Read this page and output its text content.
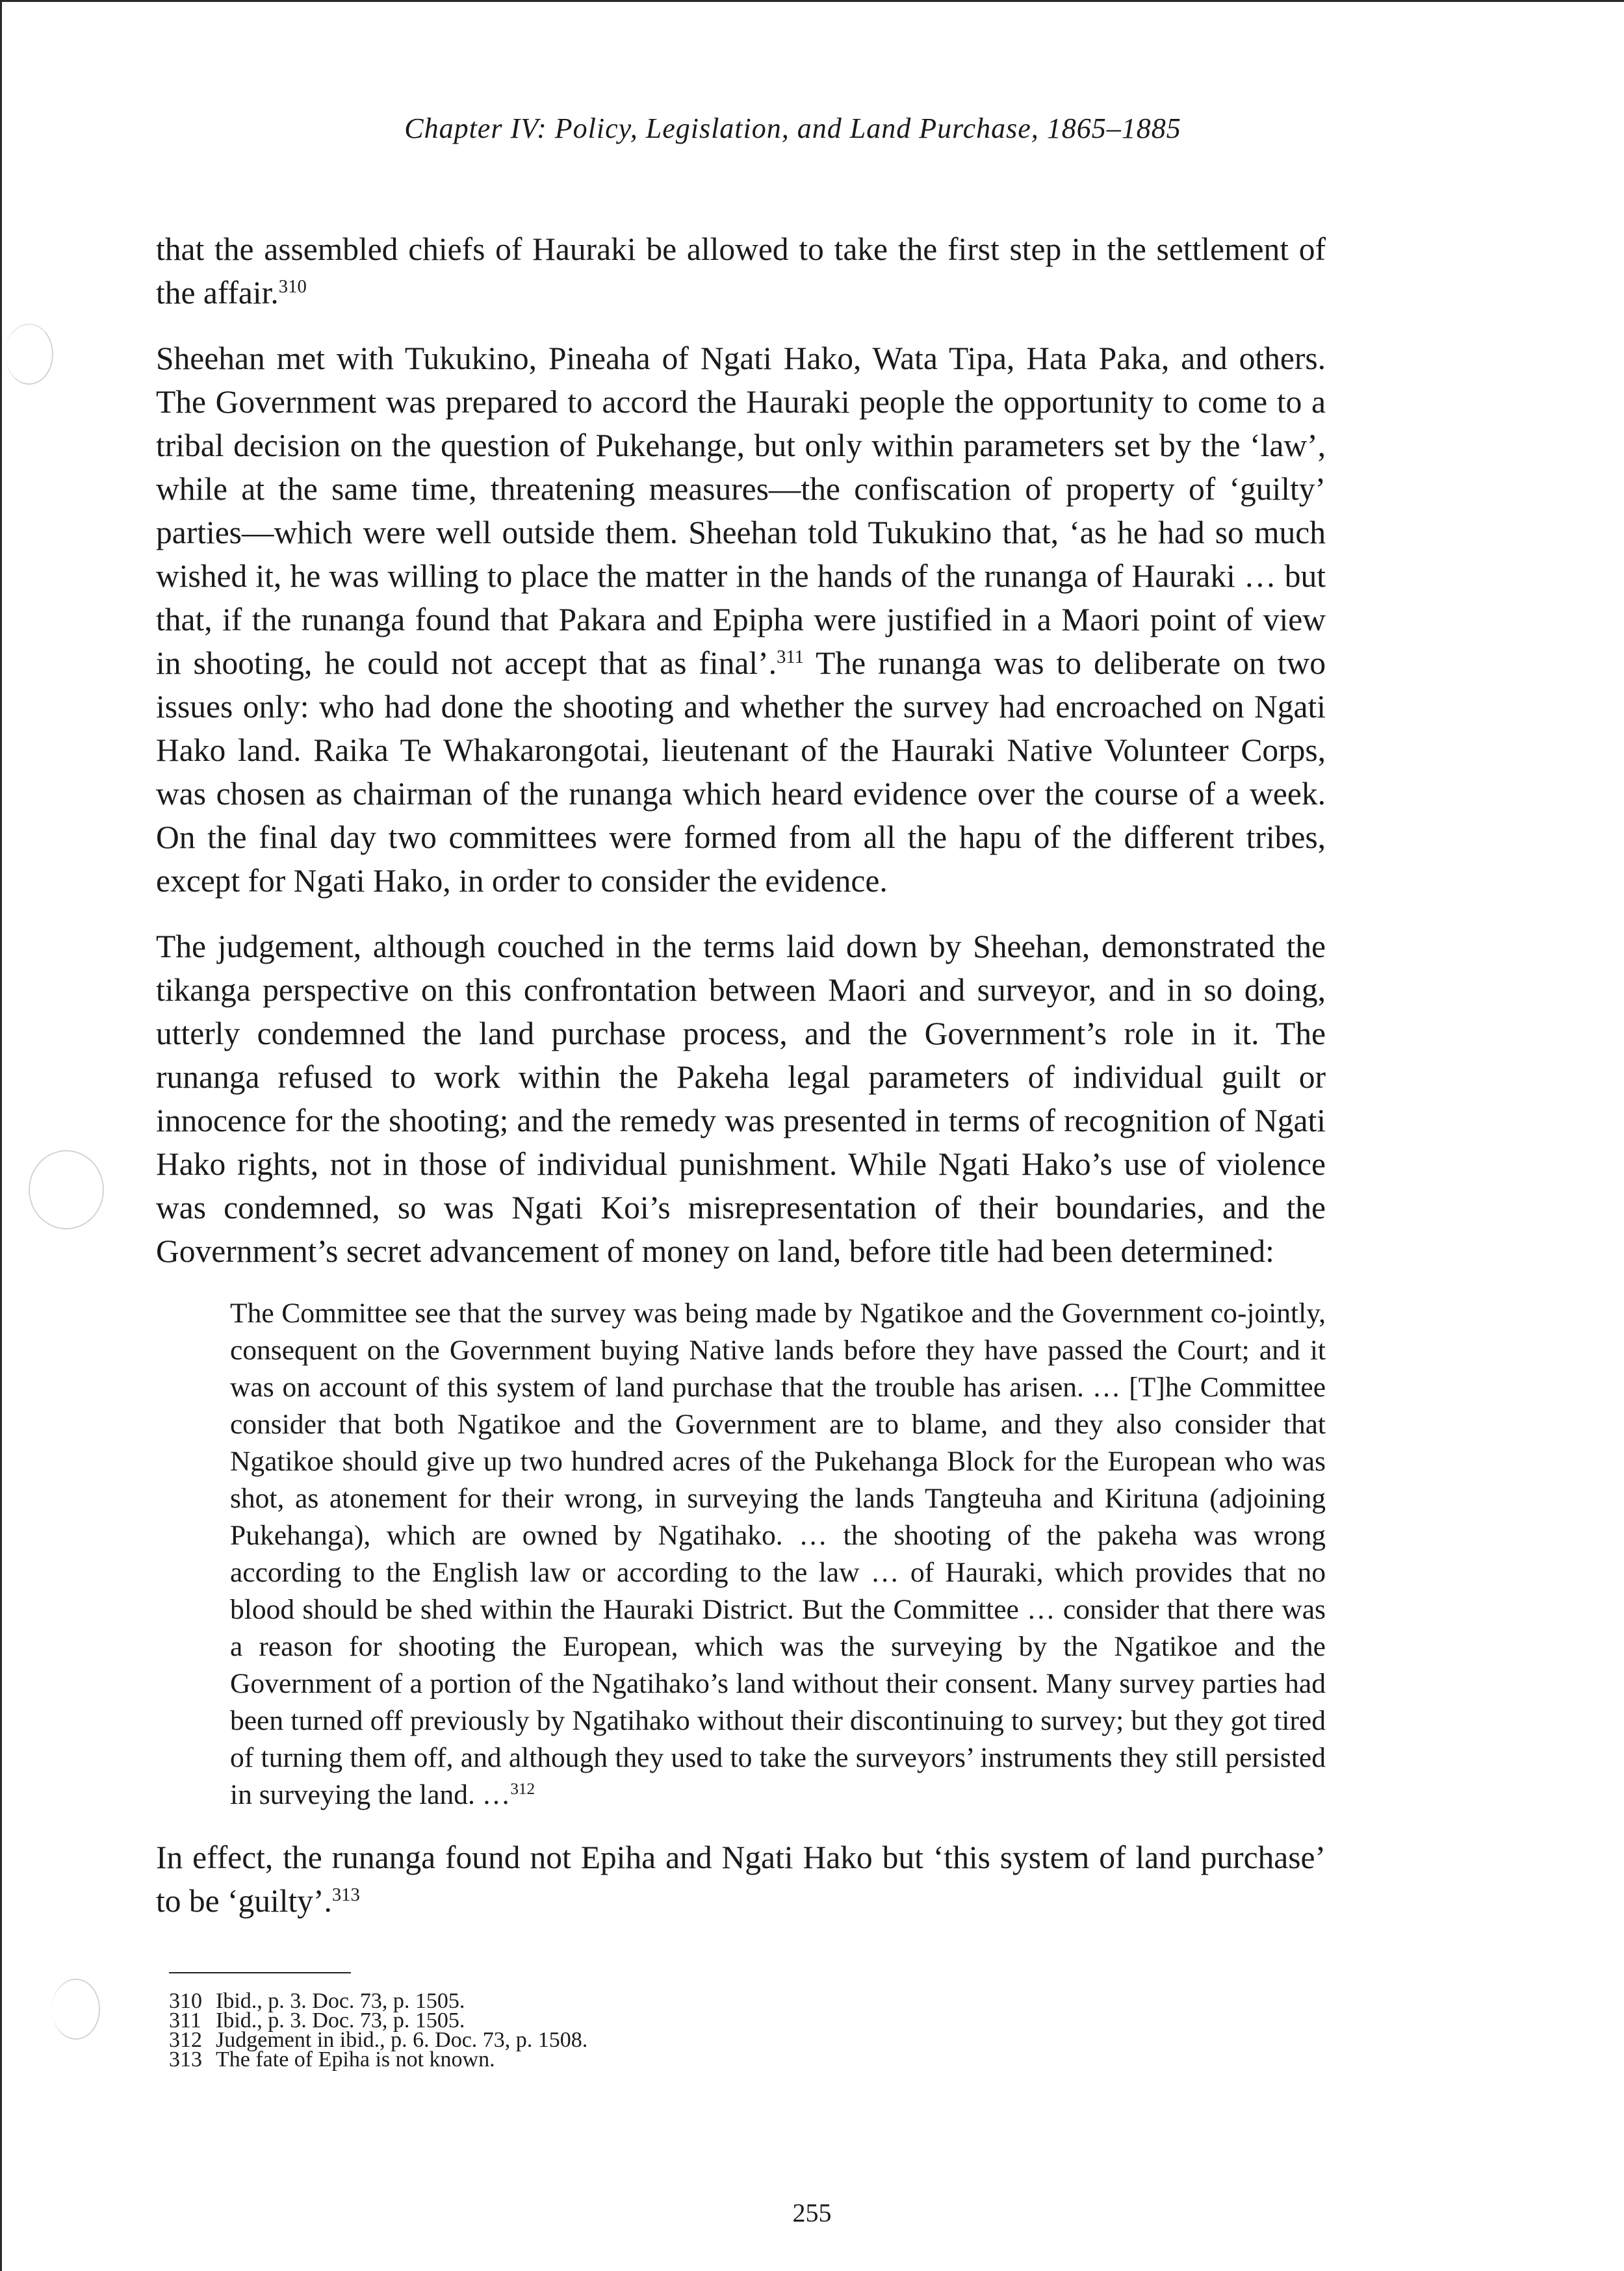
Chapter IV: Policy, Legislation, and Land Purchase, 1865–1885

that the assembled chiefs of Hauraki be allowed to take the first step in the settlement of the affair.$^{310}$

Sheehan met with Tukukino, Pineaha of Ngati Hako, Wata Tipa, Hata Paka, and others. The Government was prepared to accord the Hauraki people the opportunity to come to a tribal decision on the question of Pukehange, but only within parameters set by the ‘law’, while at the same time, threatening measures—the confiscation of property of ‘guilty’ parties—which were well outside them. Sheehan told Tukukino that, ‘as he had so much wished it, he was willing to place the matter in the hands of the runanga of Hauraki … but that, if the runanga found that Pakara and Epipha were justified in a Maori point of view in shooting, he could not accept that as final’.$^{311}$ The runanga was to deliberate on two issues only: who had done the shooting and whether the survey had encroached on Ngati Hako land. Raika Te Whakarongotai, lieutenant of the Hauraki Native Volunteer Corps, was chosen as chairman of the runanga which heard evidence over the course of a week. On the final day two committees were formed from all the hapu of the different tribes, except for Ngati Hako, in order to consider the evidence.

The judgement, although couched in the terms laid down by Sheehan, demonstrated the tikanga perspective on this confrontation between Maori and surveyor, and in so doing, utterly condemned the land purchase process, and the Government’s role in it. The runanga refused to work within the Pakeha legal parameters of individual guilt or innocence for the shooting; and the remedy was presented in terms of recognition of Ngati Hako rights, not in those of individual punishment. While Ngati Hako’s use of violence was condemned, so was Ngati Koi’s misrepresentation of their boundaries, and the Government’s secret advancement of money on land, before title had been determined:

The Committee see that the survey was being made by Ngatikoe and the Government co-jointly, consequent on the Government buying Native lands before they have passed the Court; and it was on account of this system of land purchase that the trouble has arisen. … [T]he Committee consider that both Ngatikoe and the Government are to blame, and they also consider that Ngatikoe should give up two hundred acres of the Pukehanga Block for the European who was shot, as atonement for their wrong, in surveying the lands Tangteuha and Kirituna (adjoining Pukehanga), which are owned by Ngatihako. … the shooting of the pakeha was wrong according to the English law or according to the law … of Hauraki, which provides that no blood should be shed within the Hauraki District. But the Committee … consider that there was a reason for shooting the European, which was the surveying by the Ngatikoe and the Government of a portion of the Ngatihako’s land without their consent. Many survey parties had been turned off previously by Ngatihako without their discontinuing to survey; but they got tired of turning them off, and although they used to take the surveyors’ instruments they still persisted in surveying the land. …$^{312}$

In effect, the runanga found not Epiha and Ngati Hako but ‘this system of land purchase’ to be ‘guilty’.$^{313}$

310 Ibid., p. 3. Doc. 73, p. 1505.
311 Ibid., p. 3. Doc. 73, p. 1505.
312 Judgement in ibid., p. 6. Doc. 73, p. 1508.
313 The fate of Epiha is not known.
255
